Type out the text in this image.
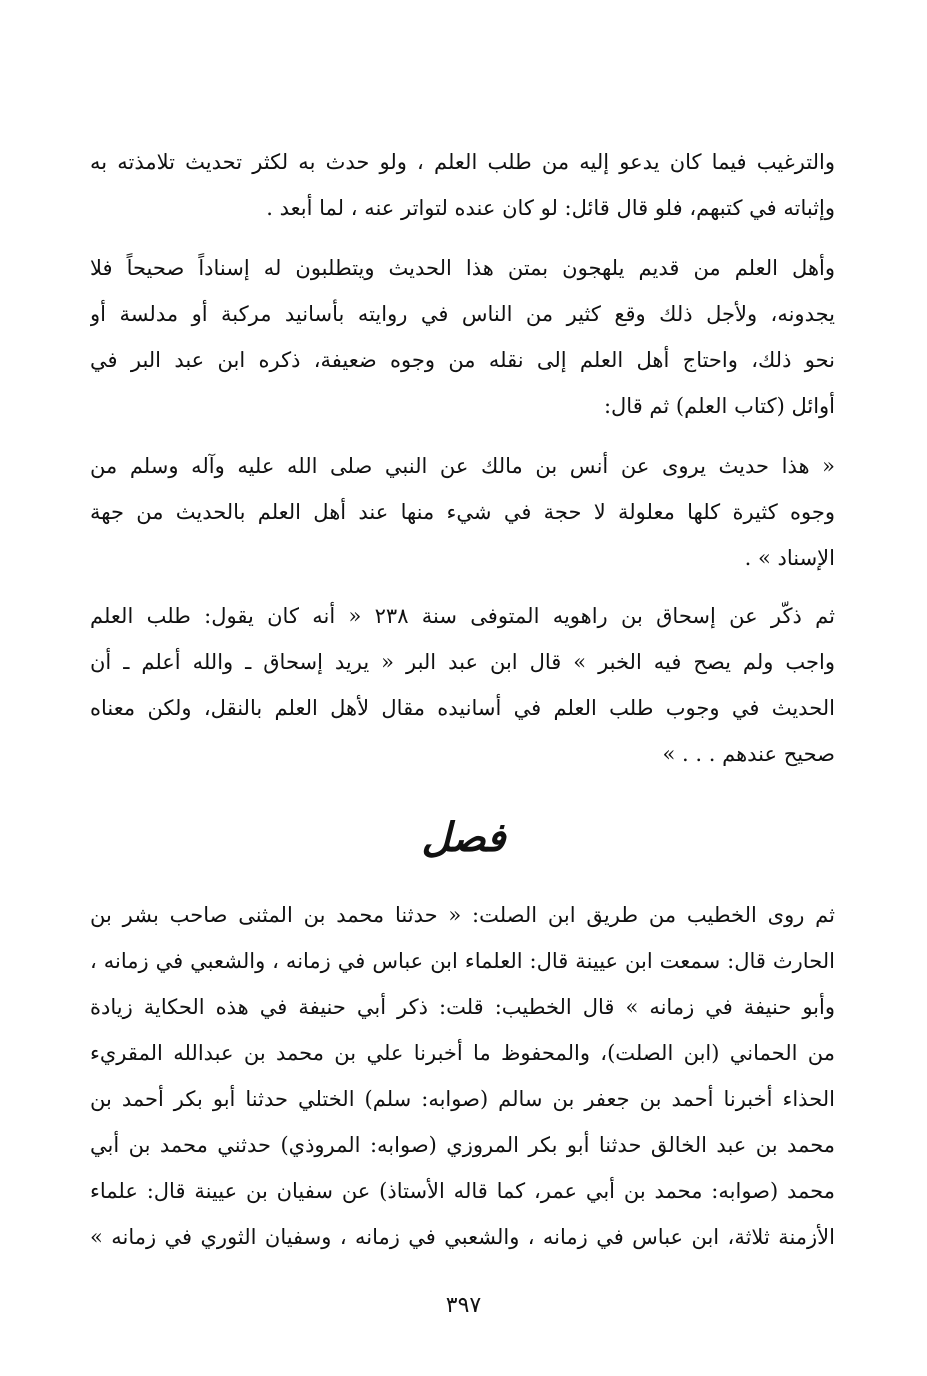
والترغيب فيما كان يدعو إليه من طلب العلم ، ولو حدث به لكثر تحديث تلامذته به
وإثباته في كتبهم، فلو قال قائل: لو كان عنده لتواتر عنه ، لما أبعد .
وأهل العلم من قديم يلهجون بمتن هذا الحديث ويتطلبون له إسناداً صحيحاً فلا
يجدونه، ولأجل ذلك وقع كثير من الناس في روايته بأسانيد مركبة أو مدلسة أو
نحو ذلك، واحتاج أهل العلم إلى نقله من وجوه ضعيفة، ذكره ابن عبد البر في
أوائل (كتاب العلم) ثم قال:
« هذا حديث يروى عن أنس بن مالك عن النبي صلى الله عليه وآله وسلم من
وجوه كثيرة كلها معلولة لا حجة في شيء منها عند أهل العلم بالحديث من جهة
الإسناد » .
ثم ذكّر عن إسحاق بن راهويه المتوفى سنة ٢٣٨ « أنه كان يقول: طلب العلم
واجب ولم يصح فيه الخبر » قال ابن عبد البر « يريد إسحاق ـ والله أعلم ـ أن
الحديث في وجوب طلب العلم في أسانيده مقال لأهل العلم بالنقل، ولكن معناه
صحيح عندهم . . . »
فصل
ثم روى الخطيب من طريق ابن الصلت: « حدثنا محمد بن المثنى صاحب بشر بن
الحارث قال: سمعت ابن عيينة قال: العلماء ابن عباس في زمانه ، والشعبي في زمانه ،
وأبو حنيفة في زمانه » قال الخطيب: قلت: ذكر أبي حنيفة في هذه الحكاية زيادة
من الحماني (ابن الصلت)، والمحفوظ ما أخبرنا علي بن محمد بن عبدالله المقريء
الحذاء أخبرنا أحمد بن جعفر بن سالم (صوابه: سلم) الختلي حدثنا أبو بكر أحمد بن
محمد بن عبد الخالق حدثنا أبو بكر المروزي (صوابه: المروذي) حدثني محمد بن أبي
محمد (صوابه: محمد بن أبي عمر، كما قاله الأستاذ) عن سفيان بن عيينة قال: علماء
الأزمنة ثلاثة، ابن عباس في زمانه ، والشعبي في زمانه ، وسفيان الثوري في زمانه »
٣٩٧
